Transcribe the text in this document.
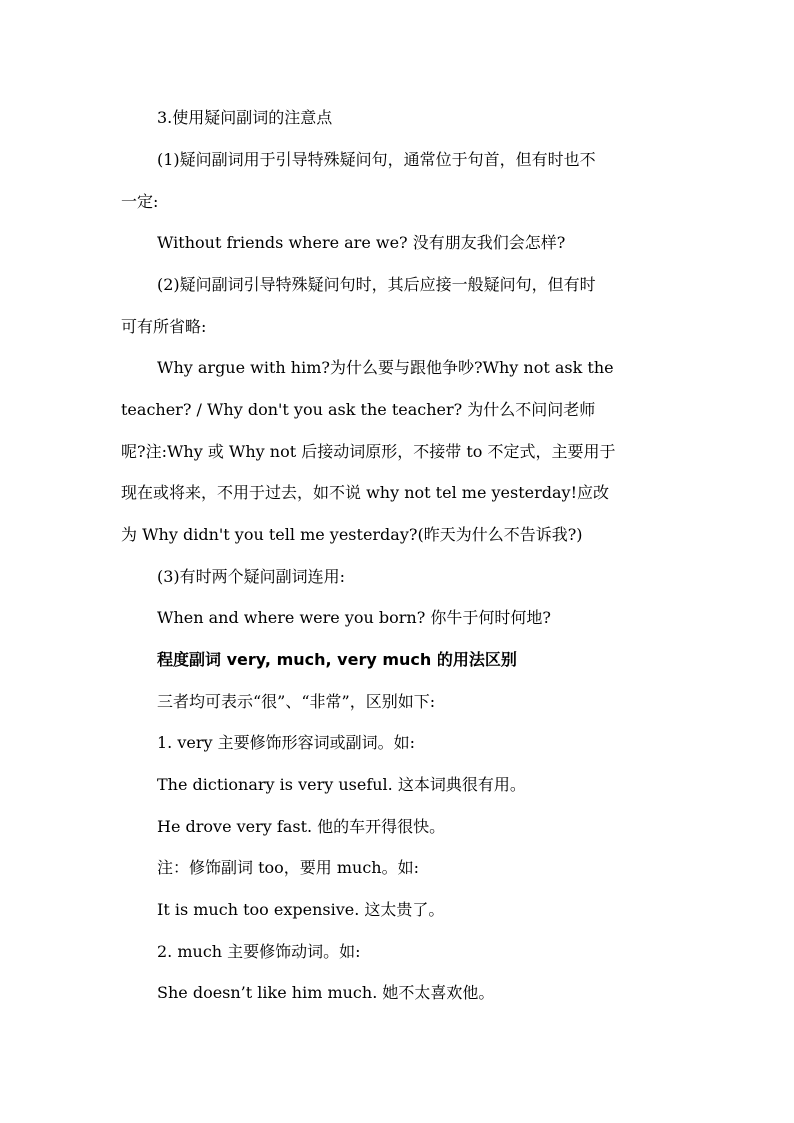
3.使用疑问副词的注意点
(1)疑问副词用于引导特殊疑问句，通常位于句首，但有时也不
一定:
Without friends where are we? 没有朋友我们会怎样?
(2)疑问副词引导特殊疑问句时，其后应接一般疑问句，但有时
可有所省略:
Why argue with him?为什么要与跟他争吵?Why not ask the
teacher? / Why don't you ask the teacher? 为什么不问问老师
呢?注:Why 或 Why not 后接动词原形，不接带 to 不定式，主要用于
现在或将来，不用于过去，如不说 why not tel me yesterday!应改
为 Why didn't you tell me yesterday?(昨天为什么不告诉我?)
(3)有时两个疑问副词连用:
When and where were you born? 你牛于何时何地?
程度副词 very, much, very much 的用法区别
三者均可表示“很”、“非常”，区别如下:
1. very 主要修饰形容词或副词。如:
The dictionary is very useful. 这本词典很有用。
He drove very fast. 他的车开得很快。
注：修饰副词 too，要用 much。如:
It is much too expensive. 这太贵了。
2. much 主要修饰动词。如:
She doesn’t like him much. 她不太喜欢他。
